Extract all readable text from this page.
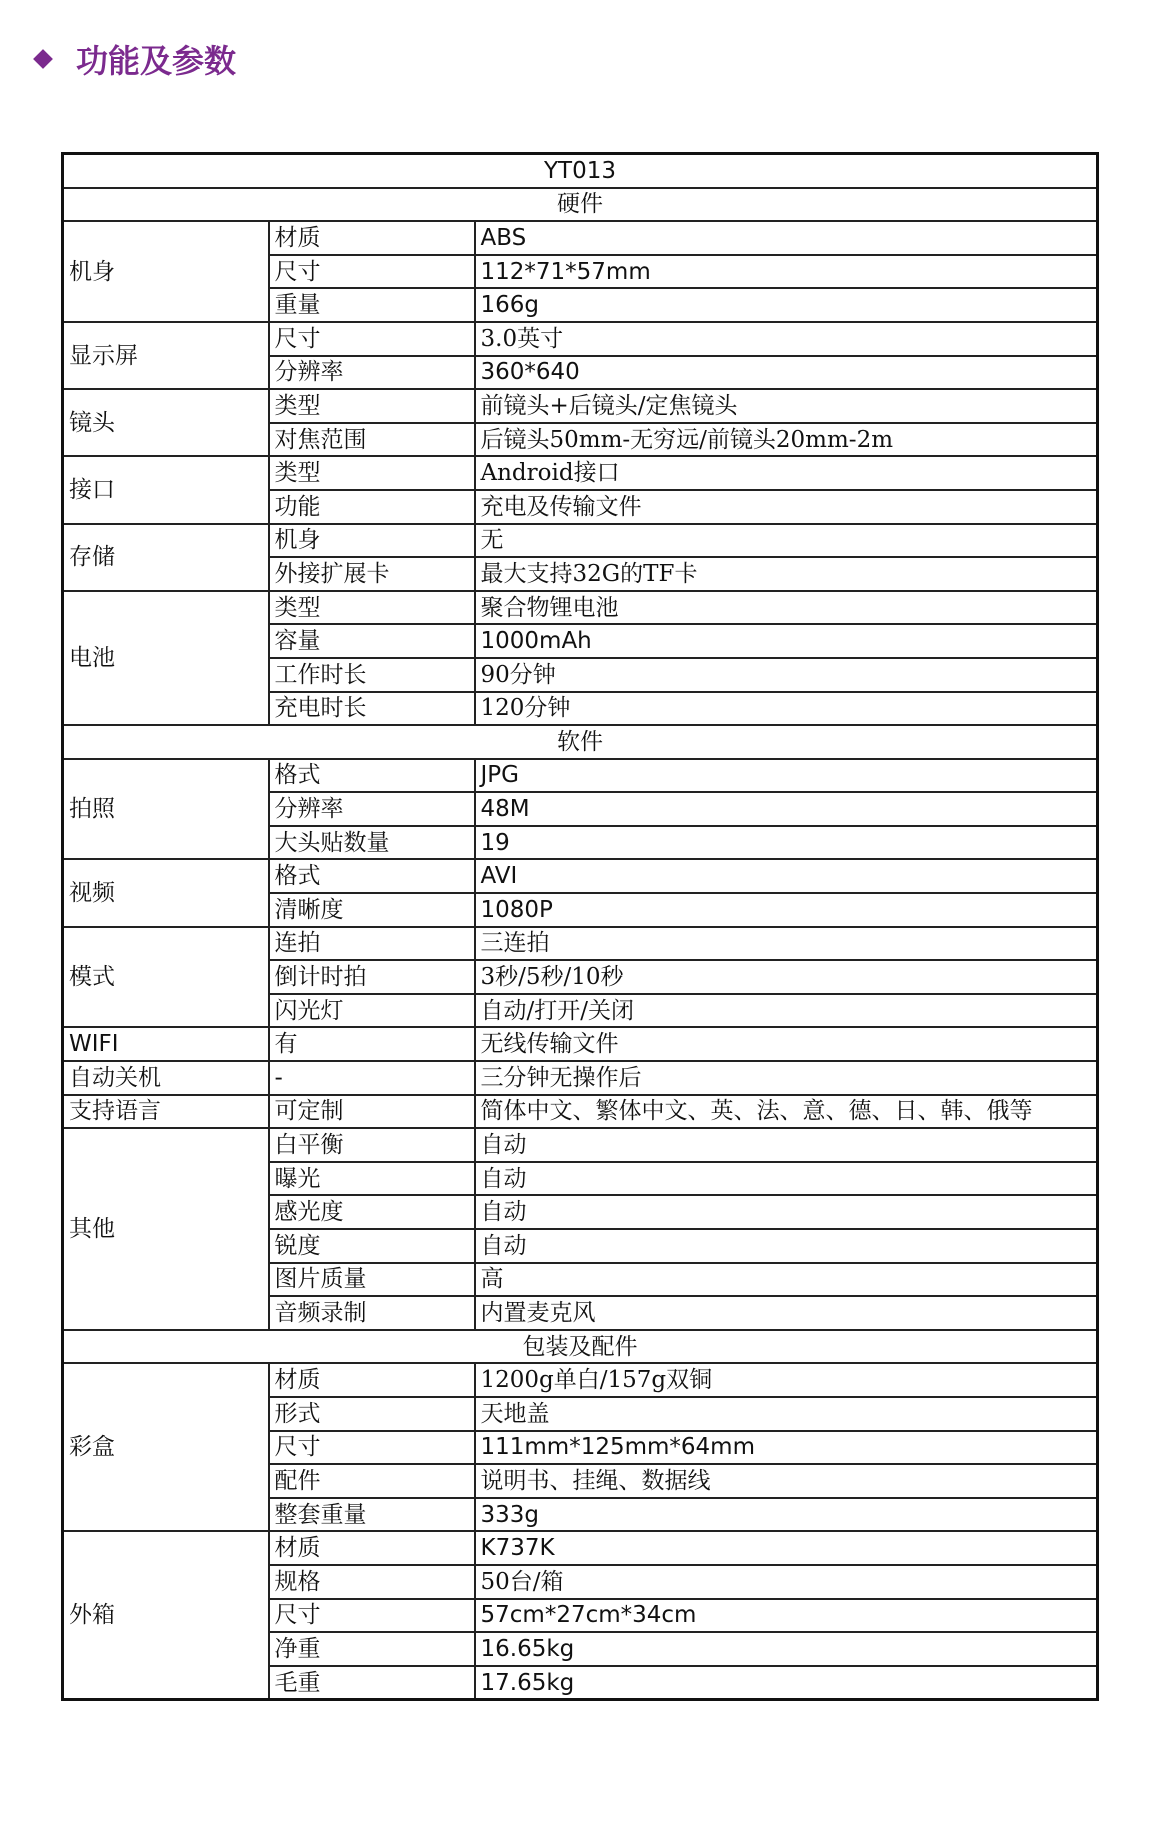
功能及参数
YT013		
硬件		
机身	材质	ABS
	尺寸	112*71*57mm
	重量	166g
显示屏	尺寸	3.0英寸
	分辨率	360*640
镜头	类型	前镜头+后镜头/定焦镜头
	对焦范围	后镜头50mm-无穷远/前镜头20mm-2m
接口	类型	Android接口
	功能	充电及传输文件
存储	机身	无
	外接扩展卡	最大支持32G的TF卡
电池	类型	聚合物锂电池
	容量	1000mAh
	工作时长	90分钟
	充电时长	120分钟
软件		
拍照	格式	JPG
	分辨率	48M
	大头贴数量	19
视频	格式	AVI
	清晰度	1080P
模式	连拍	三连拍
	倒计时拍	3秒/5秒/10秒
	闪光灯	自动/打开/关闭
WIFI	有	无线传输文件
自动关机	-	三分钟无操作后
支持语言	可定制	简体中文、繁体中文、英、法、意、德、日、韩、俄等
其他	白平衡	自动
	曝光	自动
	感光度	自动
	锐度	自动
	图片质量	高
	音频录制	内置麦克风
包装及配件		
彩盒	材质	1200g单白/157g双铜
	形式	天地盖
	尺寸	111mm*125mm*64mm
	配件	说明书、挂绳、数据线
	整套重量	333g
外箱	材质	K737K
	规格	50台/箱
	尺寸	57cm*27cm*34cm
	净重	16.65kg
	毛重	17.65kg
